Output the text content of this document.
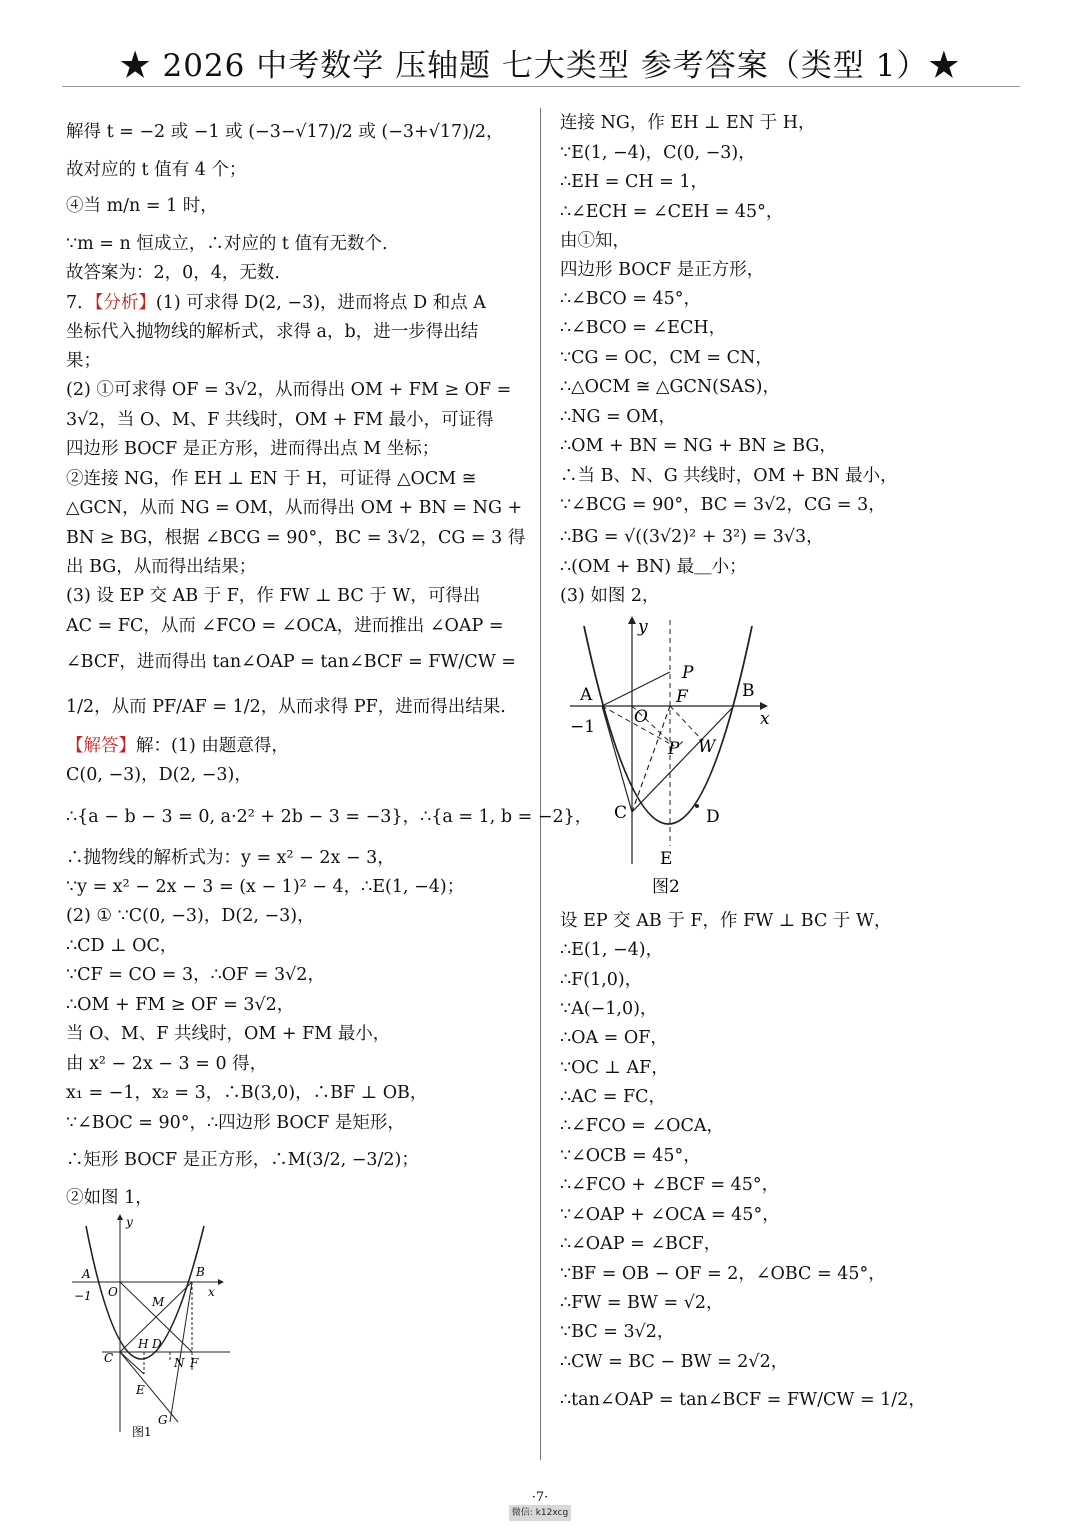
★ 2026 中考数学 压轴题 七大类型 参考答案（类型 1）★
解得 t = −2 或 −1 或 (−3−√17)/2 或 (−3+√17)/2，
故对应的 t 值有 4 个；
④当 m/n = 1 时，
∵m = n 恒成立，∴对应的 t 值有无数个.
故答案为：2，0，4，无数.
7．【分析】(1) 可求得 D(2, −3)，进而将点 D 和点 A
坐标代入抛物线的解析式，求得 a，b，进一步得出结
果；
(2) ①可求得 OF = 3√2，从而得出 OM + FM ≥ OF =
3√2，当 O、M、F 共线时，OM + FM 最小，可证得
四边形 BOCF 是正方形，进而得出点 M 坐标；
②连接 NG，作 EH ⊥ EN 于 H，可证得 △OCM ≅
△GCN，从而 NG = OM，从而得出 OM + BN = NG +
BN ≥ BG，根据 ∠BCG = 90°，BC = 3√2，CG = 3 得
出 BG，从而得出结果；
(3) 设 EP 交 AB 于 F，作 FW ⊥ BC 于 W，可得出
AC = FC，从而 ∠FCO = ∠OCA，进而推出 ∠OAP =
∠BCF，进而得出 tan∠OAP = tan∠BCF = FW/CW =
1/2，从而 PF/AF = 1/2，从而求得 PF，进而得出结果.
【解答】解：(1) 由题意得，
C(0, −3)，D(2, −3)，
∴{a − b − 3 = 0, a·2² + 2b − 3 = −3}，∴{a = 1, b = −2}，
∴抛物线的解析式为：y = x² − 2x − 3，
∵y = x² − 2x − 3 = (x − 1)² − 4，∴E(1, −4)；
(2) ① ∵C(0, −3)，D(2, −3)，
∴CD ⊥ OC，
∵CF = CO = 3，∴OF = 3√2，
∴OM + FM ≥ OF = 3√2，
当 O、M、F 共线时，OM + FM 最小，
由 x² − 2x − 3 = 0 得，
x₁ = −1，x₂ = 3，∴B(3,0)，∴BF ⊥ OB，
∵∠BOC = 90°，∴四边形 BOCF 是矩形，
∴矩形 BOCF 是正方形，∴M(3/2, −3/2)；
②如图 1，
y
x
A	B
O
−1	M
H D
C	N F
E
G
图1
连接 NG，作 EH ⊥ EN 于 H，
∵E(1, −4)，C(0, −3)，
∴EH = CH = 1，
∴∠ECH = ∠CEH = 45°，
由①知，
四边形 BOCF 是正方形，
∴∠BCO = 45°，
∴∠BCO = ∠ECH，
∵CG = OC，CM = CN，
∴△OCM ≅ △GCN(SAS)，
∴NG = OM，
∴OM + BN = NG + BN ≥ BG，
∴当 B、N、G 共线时，OM + BN 最小，
∵∠BCG = 90°，BC = 3√2，CG = 3，
∴BG = √((3√2)² + 3²) = 3√3，
∴(OM + BN) 最＿小；
(3) 如图 2，
设 EP 交 AB 于 F，作 FW ⊥ BC 于 W，
∴E(1, −4)，
∴F(1,0)，
∵A(−1,0)，
∴OA = OF，
∵OC ⊥ AF，
∴AC = FC，
∴∠FCO = ∠OCA，
∵∠OCB = 45°，
∴∠FCO + ∠BCF = 45°，
∵∠OAP + ∠OCA = 45°，
∴∠OAP = ∠BCF，
∵BF = OB − OF = 2，∠OBC = 45°，
∴FW = BW = √2，
∵BC = 3√2，
∴CW = BC − BW = 2√2，
∴tan∠OAP = tan∠BCF = FW/CW = 1/2，
y
x
A	B
O
−1
P
F
P′ W
C	D
E
图2
·7·
微信: k12xcg
